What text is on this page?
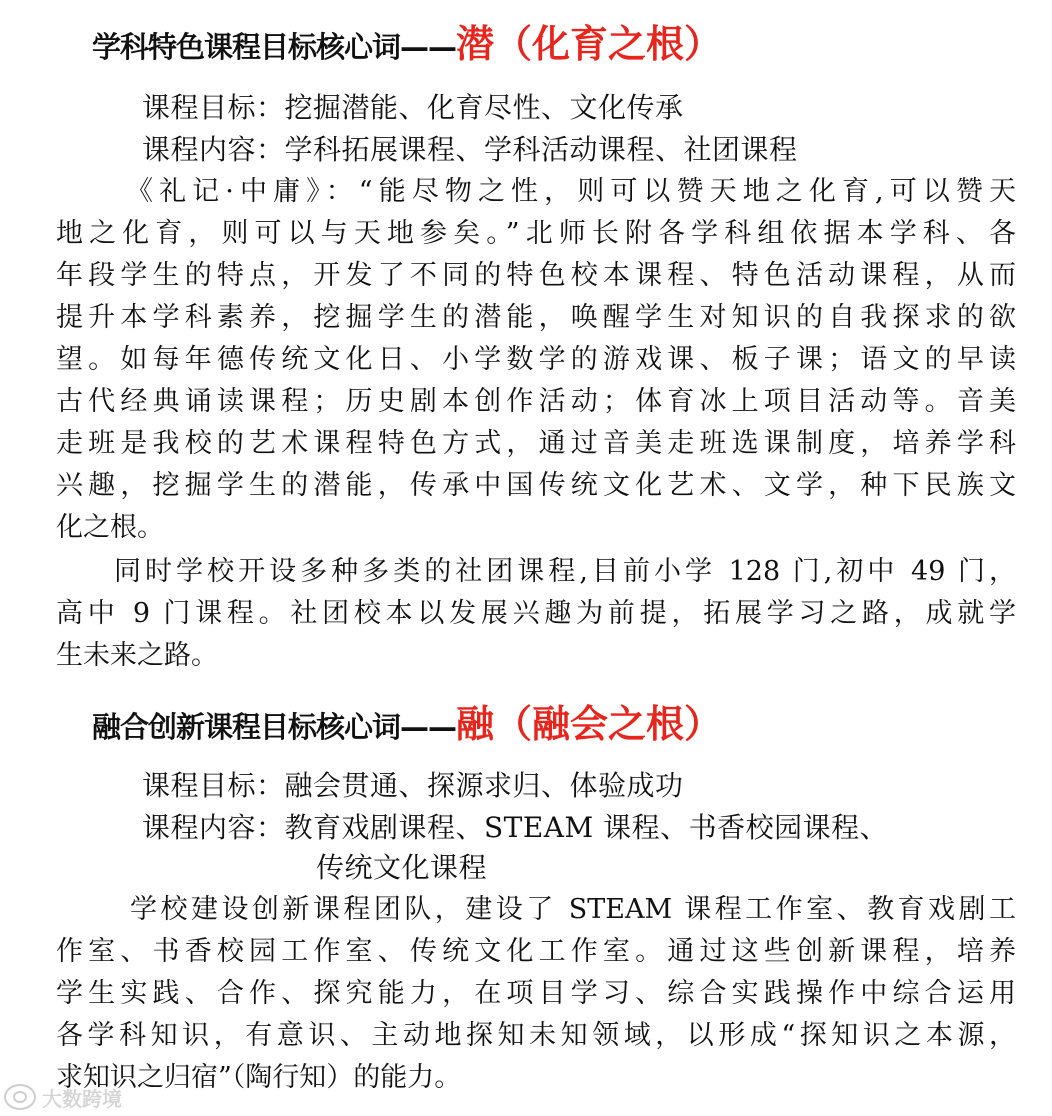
学科特色课程目标核心词——潜（化育之根）
课程目标：挖掘潜能、化育尽性、文化传承
课程内容：学科拓展课程、学科活动课程、社团课程
《礼记·中庸》：“能尽物之性，则可以赞天地之化育,可以赞天
地之化育，则可以与天地参矣。”北师长附各学科组依据本学科、各
年段学生的特点，开发了不同的特色校本课程、特色活动课程，从而
提升本学科素养，挖掘学生的潜能，唤醒学生对知识的自我探求的欲
望。如每年德传统文化日、小学数学的游戏课、板子课；语文的早读
古代经典诵读课程；历史剧本创作活动；体育冰上项目活动等。音美
走班是我校的艺术课程特色方式，通过音美走班选课制度，培养学科
兴趣，挖掘学生的潜能，传承中国传统文化艺术、文学，种下民族文
化之根。
同时学校开设多种多类的社团课程,目前小学 128 门,初中 49 门，
高中 9 门课程。社团校本以发展兴趣为前提，拓展学习之路，成就学
生未来之路。
融合创新课程目标核心词——融（融会之根）
课程目标：融会贯通、探源求归、体验成功
课程内容：教育戏剧课程、STEAM 课程、书香校园课程、
传统文化课程
学校建设创新课程团队，建设了 STEAM 课程工作室、教育戏剧工
作室、书香校园工作室、传统文化工作室。通过这些创新课程，培养
学生实践、合作、探究能力，在项目学习、综合实践操作中综合运用
各学科知识，有意识、主动地探知未知领域，以形成“探知识之本源，
求知识之归宿”（陶行知）的能力。
大数跨境
